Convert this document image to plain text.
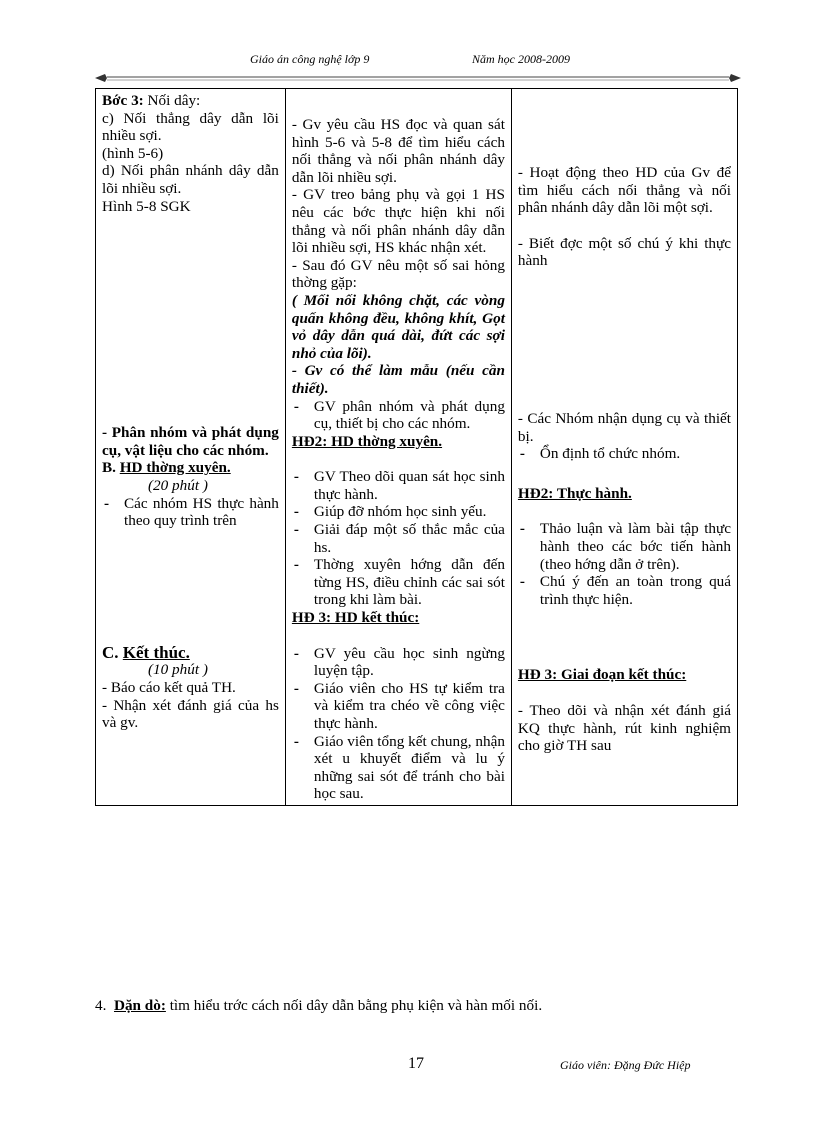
Giáo án công nghệ lớp 9	Năm học 2008-2009
Bớc 3: Nối dây:
c) Nối thẳng dây dẫn lõi nhiều sợi.
(hình 5-6)
d) Nối phân nhánh dây dẫn lõi nhiều sợi.
Hình 5-8 SGK
- Phân nhóm và phát dụng cụ, vật liệu cho các nhóm.
B. HD thờng xuyên.
(20 phút )
- Các nhóm HS thực hành theo quy trình trên
C. Kết thúc.
(10 phút )
- Báo cáo kết quả TH.
- Nhận xét đánh giá của hs và gv.

- Gv yêu cầu HS đọc và quan sát hình 5-6 và 5-8 để tìm hiểu cách nối thẳng và nối phân nhánh dây dẫn lõi nhiều sợi.
- GV treo bảng phụ và gọi 1 HS nêu các bớc thực hiện khi nối thẳng và nối phân nhánh dây dẫn lõi nhiều sợi, HS khác nhận xét.
- Sau đó GV nêu một số sai hỏng thờng gặp:
( Mối nối không chặt, các vòng quấn không đều, không khít, Gọt vỏ dây dẫn quá dài, đứt các sợi nhỏ của lõi).
- Gv có thể làm mẫu (nếu cần thiết).
- GV phân nhóm và phát dụng cụ, thiết bị cho các nhóm.
HĐ2: HD thờng xuyên.
- GV Theo dõi quan sát học sinh thực hành.
- Giúp đỡ nhóm học sinh yếu.
- Giải đáp một số thắc mắc của hs.
- Thờng xuyên hớng dẫn đến từng HS, điều chỉnh các sai sót trong khi làm bài.
HĐ 3: HD kết thúc:
- GV yêu cầu học sinh ngừng luyện tập.
- Giáo viên cho HS tự kiểm tra và kiểm tra chéo về công việc thực hành.
- Giáo viên tổng kết chung, nhận xét u khuyết điểm và lu ý những sai sót để tránh cho bài học sau.

- Hoạt động theo HD của Gv để tìm hiểu cách nối thẳng và nối phân nhánh dây dẫn lõi một sợi.
- Biết đợc một số chú ý khi thực hành
- Các Nhóm nhận dụng cụ và thiết bị.
- Ổn định tổ chức nhóm.
HĐ2: Thực hành.
- Thảo luận và làm bài tập thực hành theo các bớc tiến hành (theo hớng dẫn ở trên).
- Chú ý đến an toàn trong quá trình thực hiện.
HĐ 3: Giai đoạn kết thúc:
- Theo dõi và nhận xét đánh giá KQ thực hành, rút kinh nghiệm cho giờ TH sau
4. Dặn dò: tìm hiểu trớc cách nối dây dẫn bằng phụ kiện và hàn mối nối.
17	Giáo viên: Đặng Đức Hiệp
